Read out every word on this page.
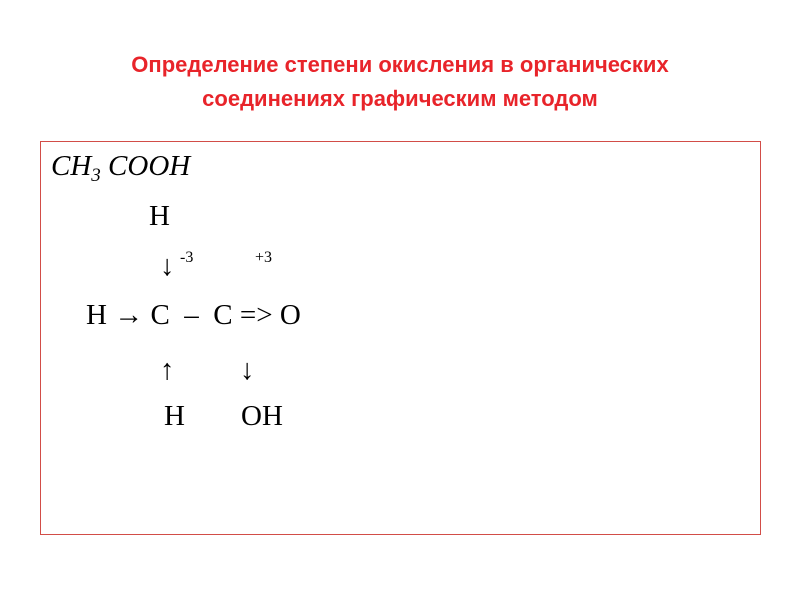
Определение степени окисления в органических
соединениях графическим методом
$CH_3$ COOH
H
↓ -3	+3
H → C  –  C => O
↑ ↓
H OH
